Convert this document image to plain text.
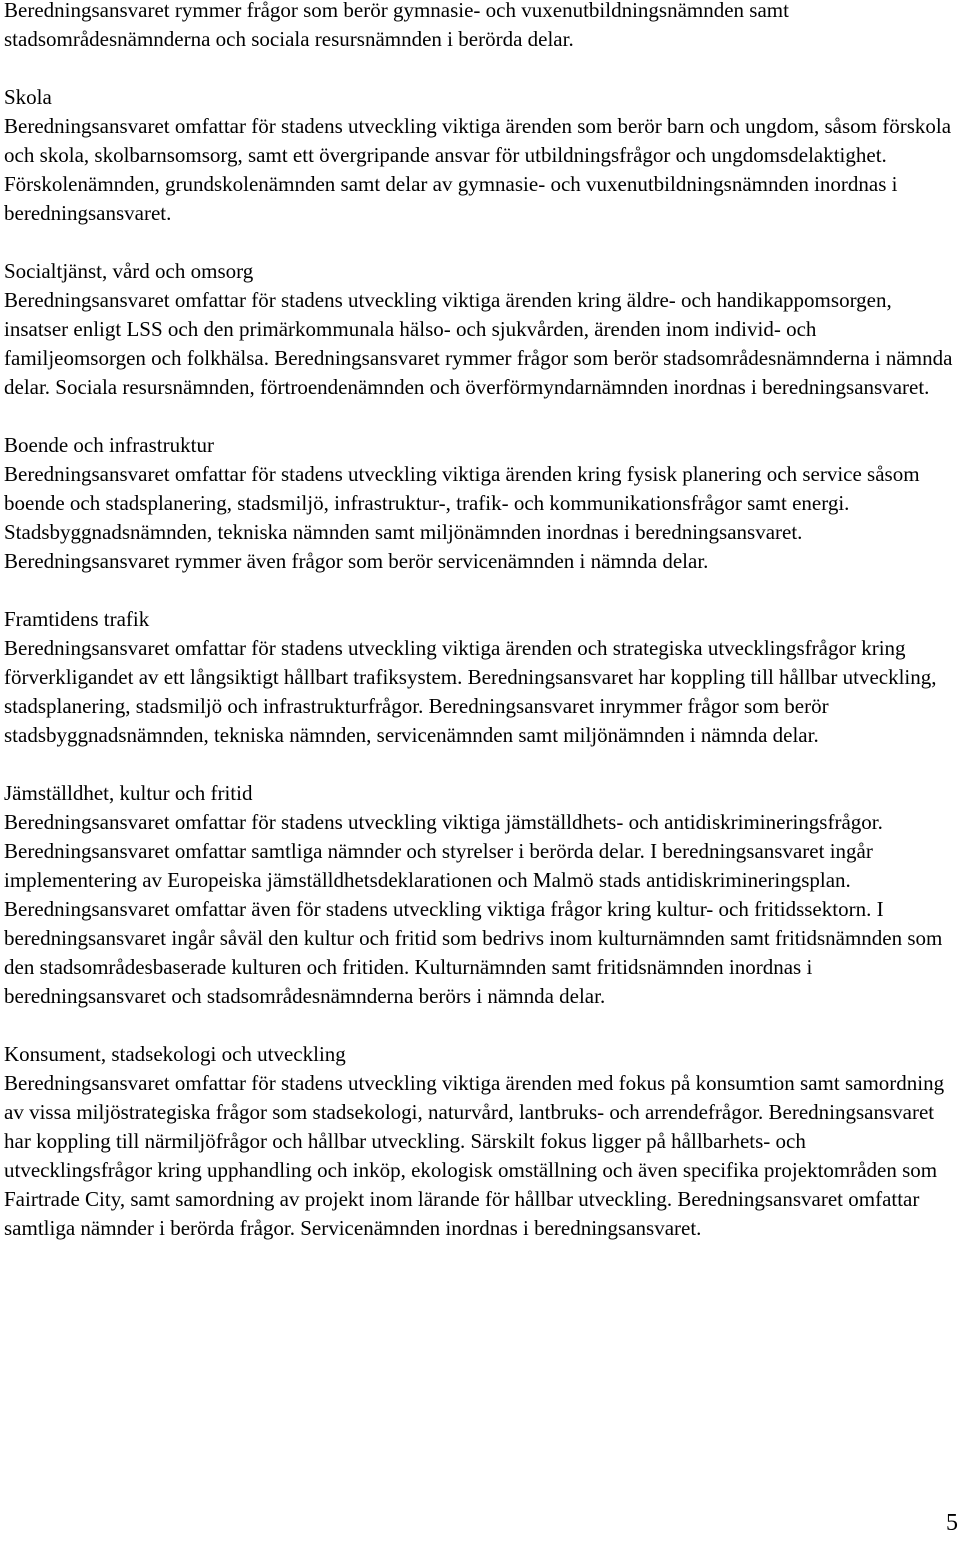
Beredningsansvaret rymmer frågor som berör gymnasie- och vuxenutbildningsnämnden samt stadsområdesnämnderna och sociala resursnämnden i berörda delar.

Skola

Beredningsansvaret omfattar för stadens utveckling viktiga ärenden som berör barn och ungdom, såsom förskola och skola, skolbarnsomsorg, samt ett övergripande ansvar för utbildningsfrågor och ungdomsdelaktighet. Förskolenämnden, grundskolenämnden samt delar av gymnasie- och vuxenutbildningsnämnden inordnas i beredningsansvaret.

Socialtjänst, vård och omsorg

Beredningsansvaret omfattar för stadens utveckling viktiga ärenden kring äldre- och handikappomsorgen, insatser enligt LSS och den primärkommunala hälso- och sjukvården, ärenden inom individ- och familjeomsorgen och folkhälsa. Beredningsansvaret rymmer frågor som berör stadsområdesnämnderna i nämnda delar. Sociala resursnämnden, förtroendenämnden och överförmyndarnämnden inordnas i beredningsansvaret.

Boende och infrastruktur

Beredningsansvaret omfattar för stadens utveckling viktiga ärenden kring fysisk planering och service såsom boende och stadsplanering, stadsmiljö, infrastruktur-, trafik- och kommunikationsfrågor samt energi. Stadsbyggnadsnämnden, tekniska nämnden samt miljönämnden inordnas i beredningsansvaret. Beredningsansvaret rymmer även frågor som berör servicenämnden i nämnda delar.

Framtidens trafik

Beredningsansvaret omfattar för stadens utveckling viktiga ärenden och strategiska utvecklingsfrågor kring förverkligandet av ett långsiktigt hållbart trafiksystem. Beredningsansvaret har koppling till hållbar utveckling, stadsplanering, stadsmiljö och infrastrukturfrågor. Beredningsansvaret inrymmer frågor som berör stadsbyggnadsnämnden, tekniska nämnden, servicenämnden samt miljönämnden i nämnda delar.

Jämställdhet, kultur och fritid

Beredningsansvaret omfattar för stadens utveckling viktiga jämställdhets- och antidiskrimineringsfrågor. Beredningsansvaret omfattar samtliga nämnder och styrelser i berörda delar. I beredningsansvaret ingår implementering av Europeiska jämställdhetsdeklarationen och Malmö stads antidiskrimineringsplan. Beredningsansvaret omfattar även för stadens utveckling viktiga frågor kring kultur- och fritidssektorn. I beredningsansvaret ingår såväl den kultur och fritid som bedrivs inom kulturnämnden samt fritidsnämnden som den stadsområdesbaserade kulturen och fritiden. Kulturnämnden samt fritidsnämnden inordnas i beredningsansvaret och stadsområdesnämnderna berörs i nämnda delar.

Konsument, stadsekologi och utveckling

Beredningsansvaret omfattar för stadens utveckling viktiga ärenden med fokus på konsumtion samt samordning av vissa miljöstrategiska frågor som stadsekologi, naturvård, lantbruks- och arrendefrågor. Beredningsansvaret har koppling till närmiljöfrågor och hållbar utveckling. Särskilt fokus ligger på hållbarhets- och utvecklingsfrågor kring upphandling och inköp, ekologisk omställning och även specifika projektområden som Fairtrade City, samt samordning av projekt inom lärande för hållbar utveckling. Beredningsansvaret omfattar samtliga nämnder i berörda frågor. Servicenämnden inordnas i beredningsansvaret.

5
